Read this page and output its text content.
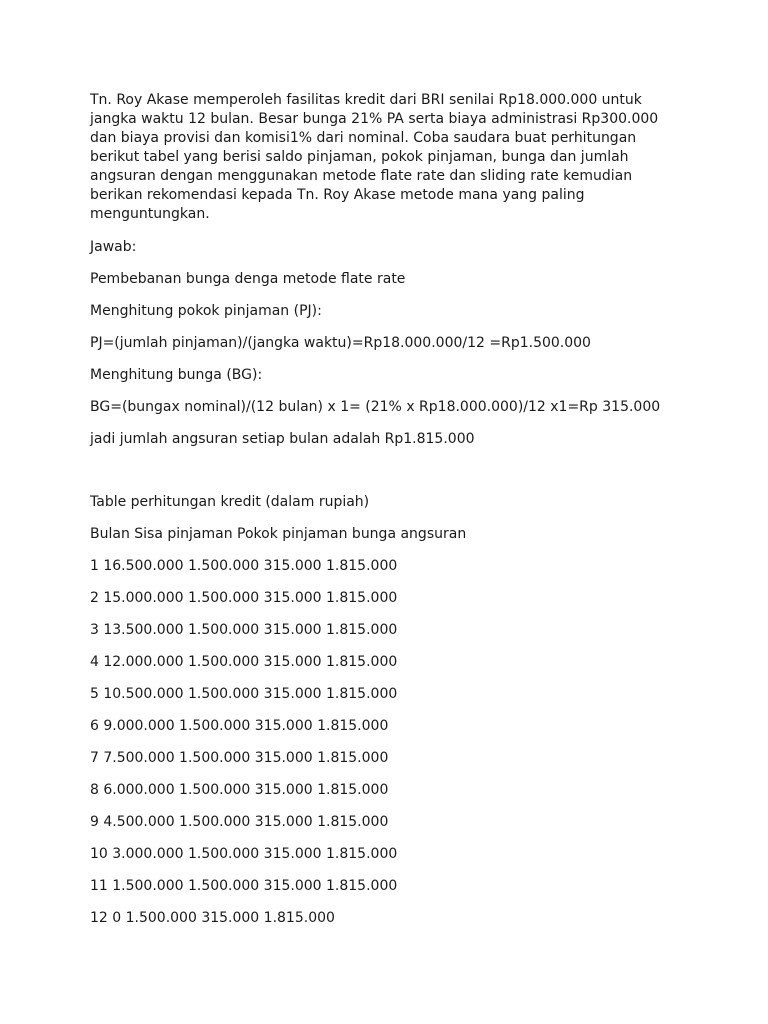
Tn. Roy Akase memperoleh fasilitas kredit dari BRI senilai Rp18.000.000 untuk
jangka waktu 12 bulan. Besar bunga 21% PA serta biaya administrasi Rp300.000
dan biaya provisi dan komisi1% dari nominal. Coba saudara buat perhitungan
berikut tabel yang berisi saldo pinjaman, pokok pinjaman, bunga dan jumlah
angsuran dengan menggunakan metode flate rate dan sliding rate kemudian
berikan rekomendasi kepada Tn. Roy Akase metode mana yang paling
menguntungkan.

Jawab:

Pembebanan bunga denga metode flate rate

Menghitung pokok pinjaman (PJ):

PJ=(jumlah pinjaman)/(jangka waktu)=Rp18.000.000/12 =Rp1.500.000

Menghitung bunga (BG):

BG=(bungax nominal)/(12 bulan) x 1= (21% x Rp18.000.000)/12 x1=Rp 315.000

jadi jumlah angsuran setiap bulan adalah Rp1.815.000

Table perhitungan kredit (dalam rupiah)

Bulan Sisa pinjaman Pokok pinjaman bunga angsuran

1 16.500.000 1.500.000 315.000 1.815.000

2 15.000.000 1.500.000 315.000 1.815.000

3 13.500.000 1.500.000 315.000 1.815.000

4 12.000.000 1.500.000 315.000 1.815.000

5 10.500.000 1.500.000 315.000 1.815.000

6 9.000.000 1.500.000 315.000 1.815.000

7 7.500.000 1.500.000 315.000 1.815.000

8 6.000.000 1.500.000 315.000 1.815.000

9 4.500.000 1.500.000 315.000 1.815.000

10 3.000.000 1.500.000 315.000 1.815.000

11 1.500.000 1.500.000 315.000 1.815.000

12 0 1.500.000 315.000 1.815.000
